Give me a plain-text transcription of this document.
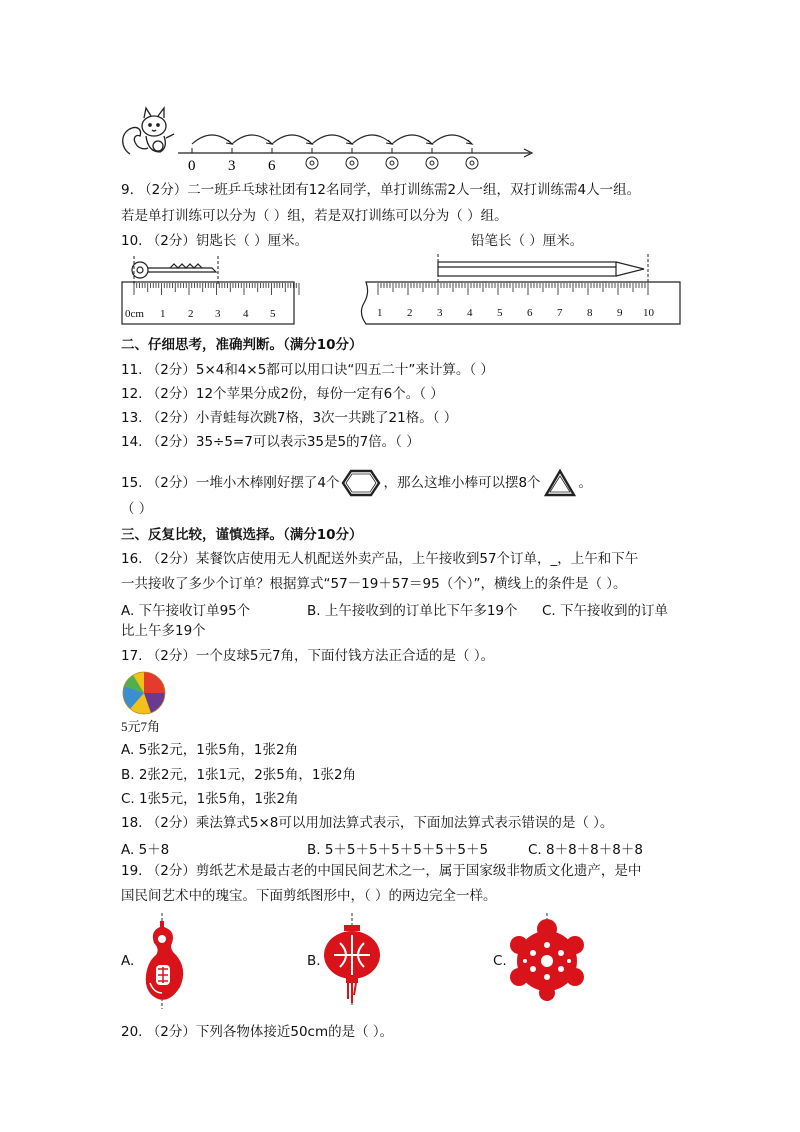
0 3 6
9. （2分）二一班乒乓球社团有12名同学，单打训练需2人一组，双打训练需4人一组。
若是单打训练可以分为（ ）组，若是双打训练可以分为（ ）组。
10. （2分）钥匙长（ ）厘米。	铅笔长（ ）厘米。
0cm 1 2 3 4 5	1 2 3 4 5 6 7 8 9 10
二、仔细思考，准确判断。（满分10分）
11. （2分）5×4和4×5都可以用口诀“四五二十”来计算。（ ）
12. （2分）12个苹果分成2份，每份一定有6个。（ ）
13. （2分）小青蛙每次跳7格，3次一共跳了21格。（ ）
14. （2分）35÷5=7可以表示35是5的7倍。（ ）
15. （2分）一堆小木棒刚好摆了4个	，那么这堆小棒可以摆8个	。
（ ）
三、反复比较，谨慎选择。（满分10分）
16. （2分）某餐饮店使用无人机配送外卖产品，上午接收到57个订单，_，上午和下午
一共接收了多少个订单？根据算式“57－19＋57＝95（个）”，横线上的条件是（ ）。
A. 下午接收订单95个	B. 上午接收到的订单比下午多19个 C. 下午接收到的订单
比上午多19个
17. （2分）一个皮球5元7角，下面付钱方法正合适的是（ ）。
5元7角
A. 5张2元，1张5角，1张2角
B. 2张2元，1张1元，2张5角，1张2角
C. 1张5元，1张5角，1张2角
18. （2分）乘法算式5×8可以用加法算式表示，下面加法算式表示错误的是（ ）。
A. 5＋8	B. 5＋5＋5＋5＋5＋5＋5＋5	C. 8＋8＋8＋8＋8
19. （2分）剪纸艺术是最古老的中国民间艺术之一，属于国家级非物质文化遗产，是中
国民间艺术中的瑰宝。下面剪纸图形中，（ ）的两边完全一样。
A.	B.	C.
20. （2分）下列各物体接近50cm的是（ ）。
